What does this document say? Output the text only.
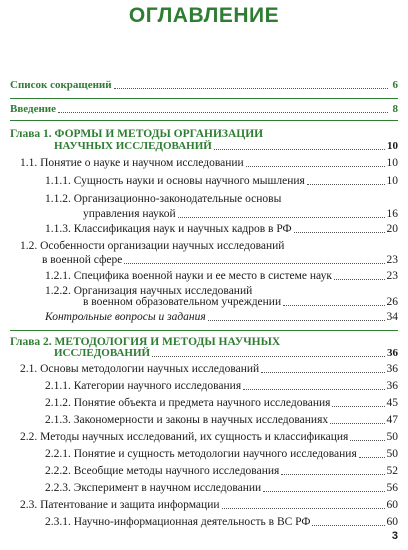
ОГЛАВЛЕНИЕ
Список сокращений	6
Введение	8
Глава 1. ФОРМЫ И МЕТОДЫ ОРГАНИЗАЦИИ
НАУЧНЫХ ИССЛЕДОВАНИЙ	10
1.1. Понятие о науке и научном исследовании	10
1.1.1. Сущность науки и основы научного мышления	10
1.1.2. Организационно-законодательные основы
управления наукой	16
1.1.3. Классификация наук и научных кадров в РФ	20
1.2. Особенности организации научных исследований
в военной сфере	23
1.2.1. Специфика военной науки и ее место в системе наук	23
1.2.2. Организация научных исследований
в военном образовательном учреждении	26
Контрольные вопросы и задания	34
Глава 2. МЕТОДОЛОГИЯ И МЕТОДЫ НАУЧНЫХ
ИССЛЕДОВАНИЙ	36
2.1. Основы методологии научных исследований	36
2.1.1. Категории научного исследования	36
2.1.2. Понятие объекта и предмета научного исследования	45
2.1.3. Закономерности и законы в научных исследованиях	47
2.2. Методы научных исследований, их сущность и классификация	50
2.2.1. Понятие и сущность методологии научного исследования	50
2.2.2. Всеобщие методы научного исследования	52
2.2.3. Эксперимент в научном исследовании	56
2.3. Патентование и защита информации	60
2.3.1. Научно-информационная деятельность в ВС РФ	60
3
